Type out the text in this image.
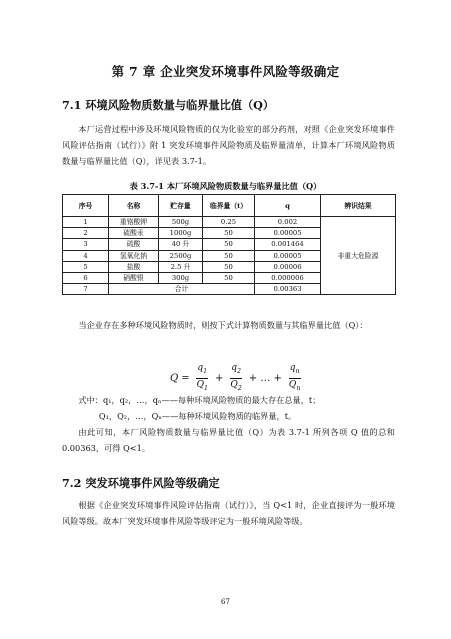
第 7 章 企业突发环境事件风险等级确定
7.1 环境风险物质数量与临界量比值（Q）

本厂运营过程中涉及环境风险物质的仅为化验室的部分药剂，对照《企业突发环境事件风险评估指南（试行）》附 1 突发环境事件风险物质及临界量清单，计算本厂环境风险物质数量与临界量比值（Q），详见表 3.7-1。

表 3.7-1 本厂环境风险物质数量与临界量比值（Q）
序号	名称	贮存量	临界量（t）	q	辨识结果
1	重铬酸钾	500g	0.25	0.002	非重大危险源
2	硫酸汞	1000g	50	0.00005	
3	硫酸	40 升	50	0.001464	
4	氢氧化钠	2500g	50	0.00005	
5	盐酸	2.5 升	50	0.00006	
6	硝酸银	300g	50	0.000006	
7	合计			0.00363	

当企业存在多种环境风险物质时，则按下式计算物质数量与其临界量比值（Q）：

$Q = \frac{q_1}{Q_1} + \frac{q_2}{Q_2}$ + … + $\frac{q_n}{Q_n}$

式中：q₁，q₂，…，qₙ——每种环境风险物质的最大存在总量，t；

Q₁，Q₂，…，Qₙ——每种环境风险物质的临界量，t。

由此可知，本厂风险物质数量与临界量比值（Q）为表 3.7-1 所列各项 Q 值的总和 0.00363，可得 Q<1。

7.2 突发环境事件风险等级确定

根据《企业突发环境事件风险评估指南（试行）》，当 Q<1 时，企业直接评为一般环境风险等级。故本厂突发环境事件风险等级评定为一般环境风险等级。

67
